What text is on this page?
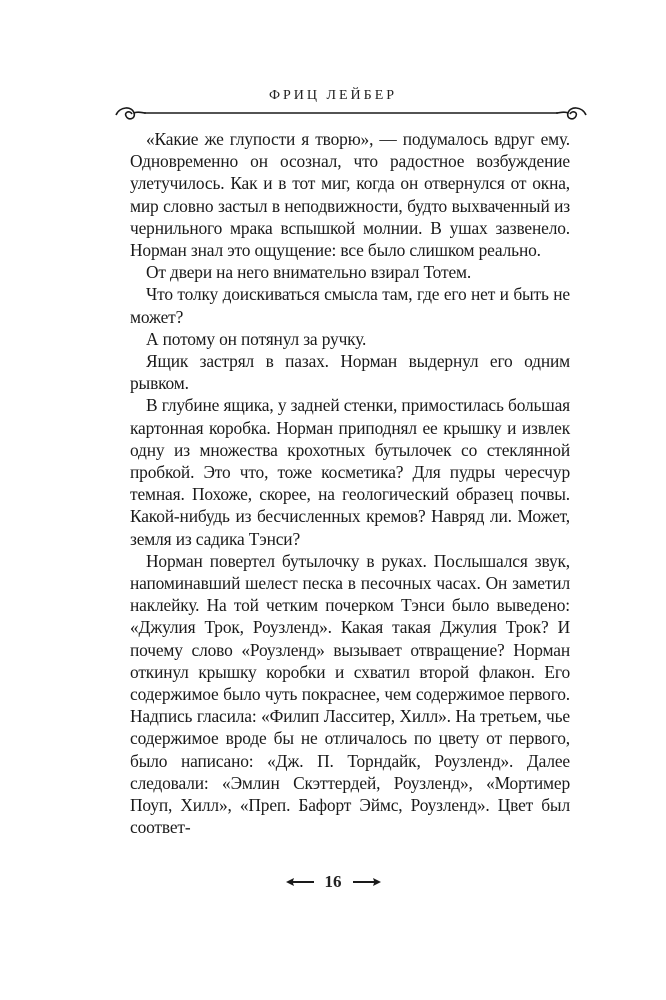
ФРИЦ ЛЕЙБЕР

«Какие же глупости я творю», — подумалось вдруг ему. Одновременно он осознал, что радостное возбуждение улетучилось. Как и в тот миг, когда он отвернулся от окна, мир словно застыл в неподвижности, будто выхваченный из чернильного мрака вспышкой молнии. В ушах зазвенело. Норман знал это ощущение: все было слишком реально.

От двери на него внимательно взирал Тотем.

Что толку доискиваться смысла там, где его нет и быть не может?

А потому он потянул за ручку.

Ящик застрял в пазах. Норман выдернул его одним рывком.

В глубине ящика, у задней стенки, примостилась большая картонная коробка. Норман приподнял ее крышку и извлек одну из множества крохотных бутылочек со стеклянной пробкой. Это что, тоже косметика? Для пудры чересчур темная. Похоже, скорее, на геологический образец почвы. Какой-нибудь из бесчисленных кремов? Навряд ли. Может, земля из садика Тэнси?

Норман повертел бутылочку в руках. Послышался звук, напоминавший шелест песка в песочных часах. Он заметил наклейку. На той четким почерком Тэнси было выведено: «Джулия Трок, Роузленд». Какая такая Джулия Трок? И почему слово «Роузленд» вызывает отвращение? Норман откинул крышку коробки и схватил второй флакон. Его содержимое было чуть покраснее, чем содержимое первого. Надпись гласила: «Филип Ласситер, Хилл». На третьем, чье содержимое вроде бы не отличалось по цвету от первого, было написано: «Дж. П. Торндайк, Роузленд». Далее следовали: «Эмлин Скэттердей, Роузленд», «Мортимер Поуп, Хилл», «Преп. Бафорт Эймс, Роузленд». Цвет был соответ-

16
